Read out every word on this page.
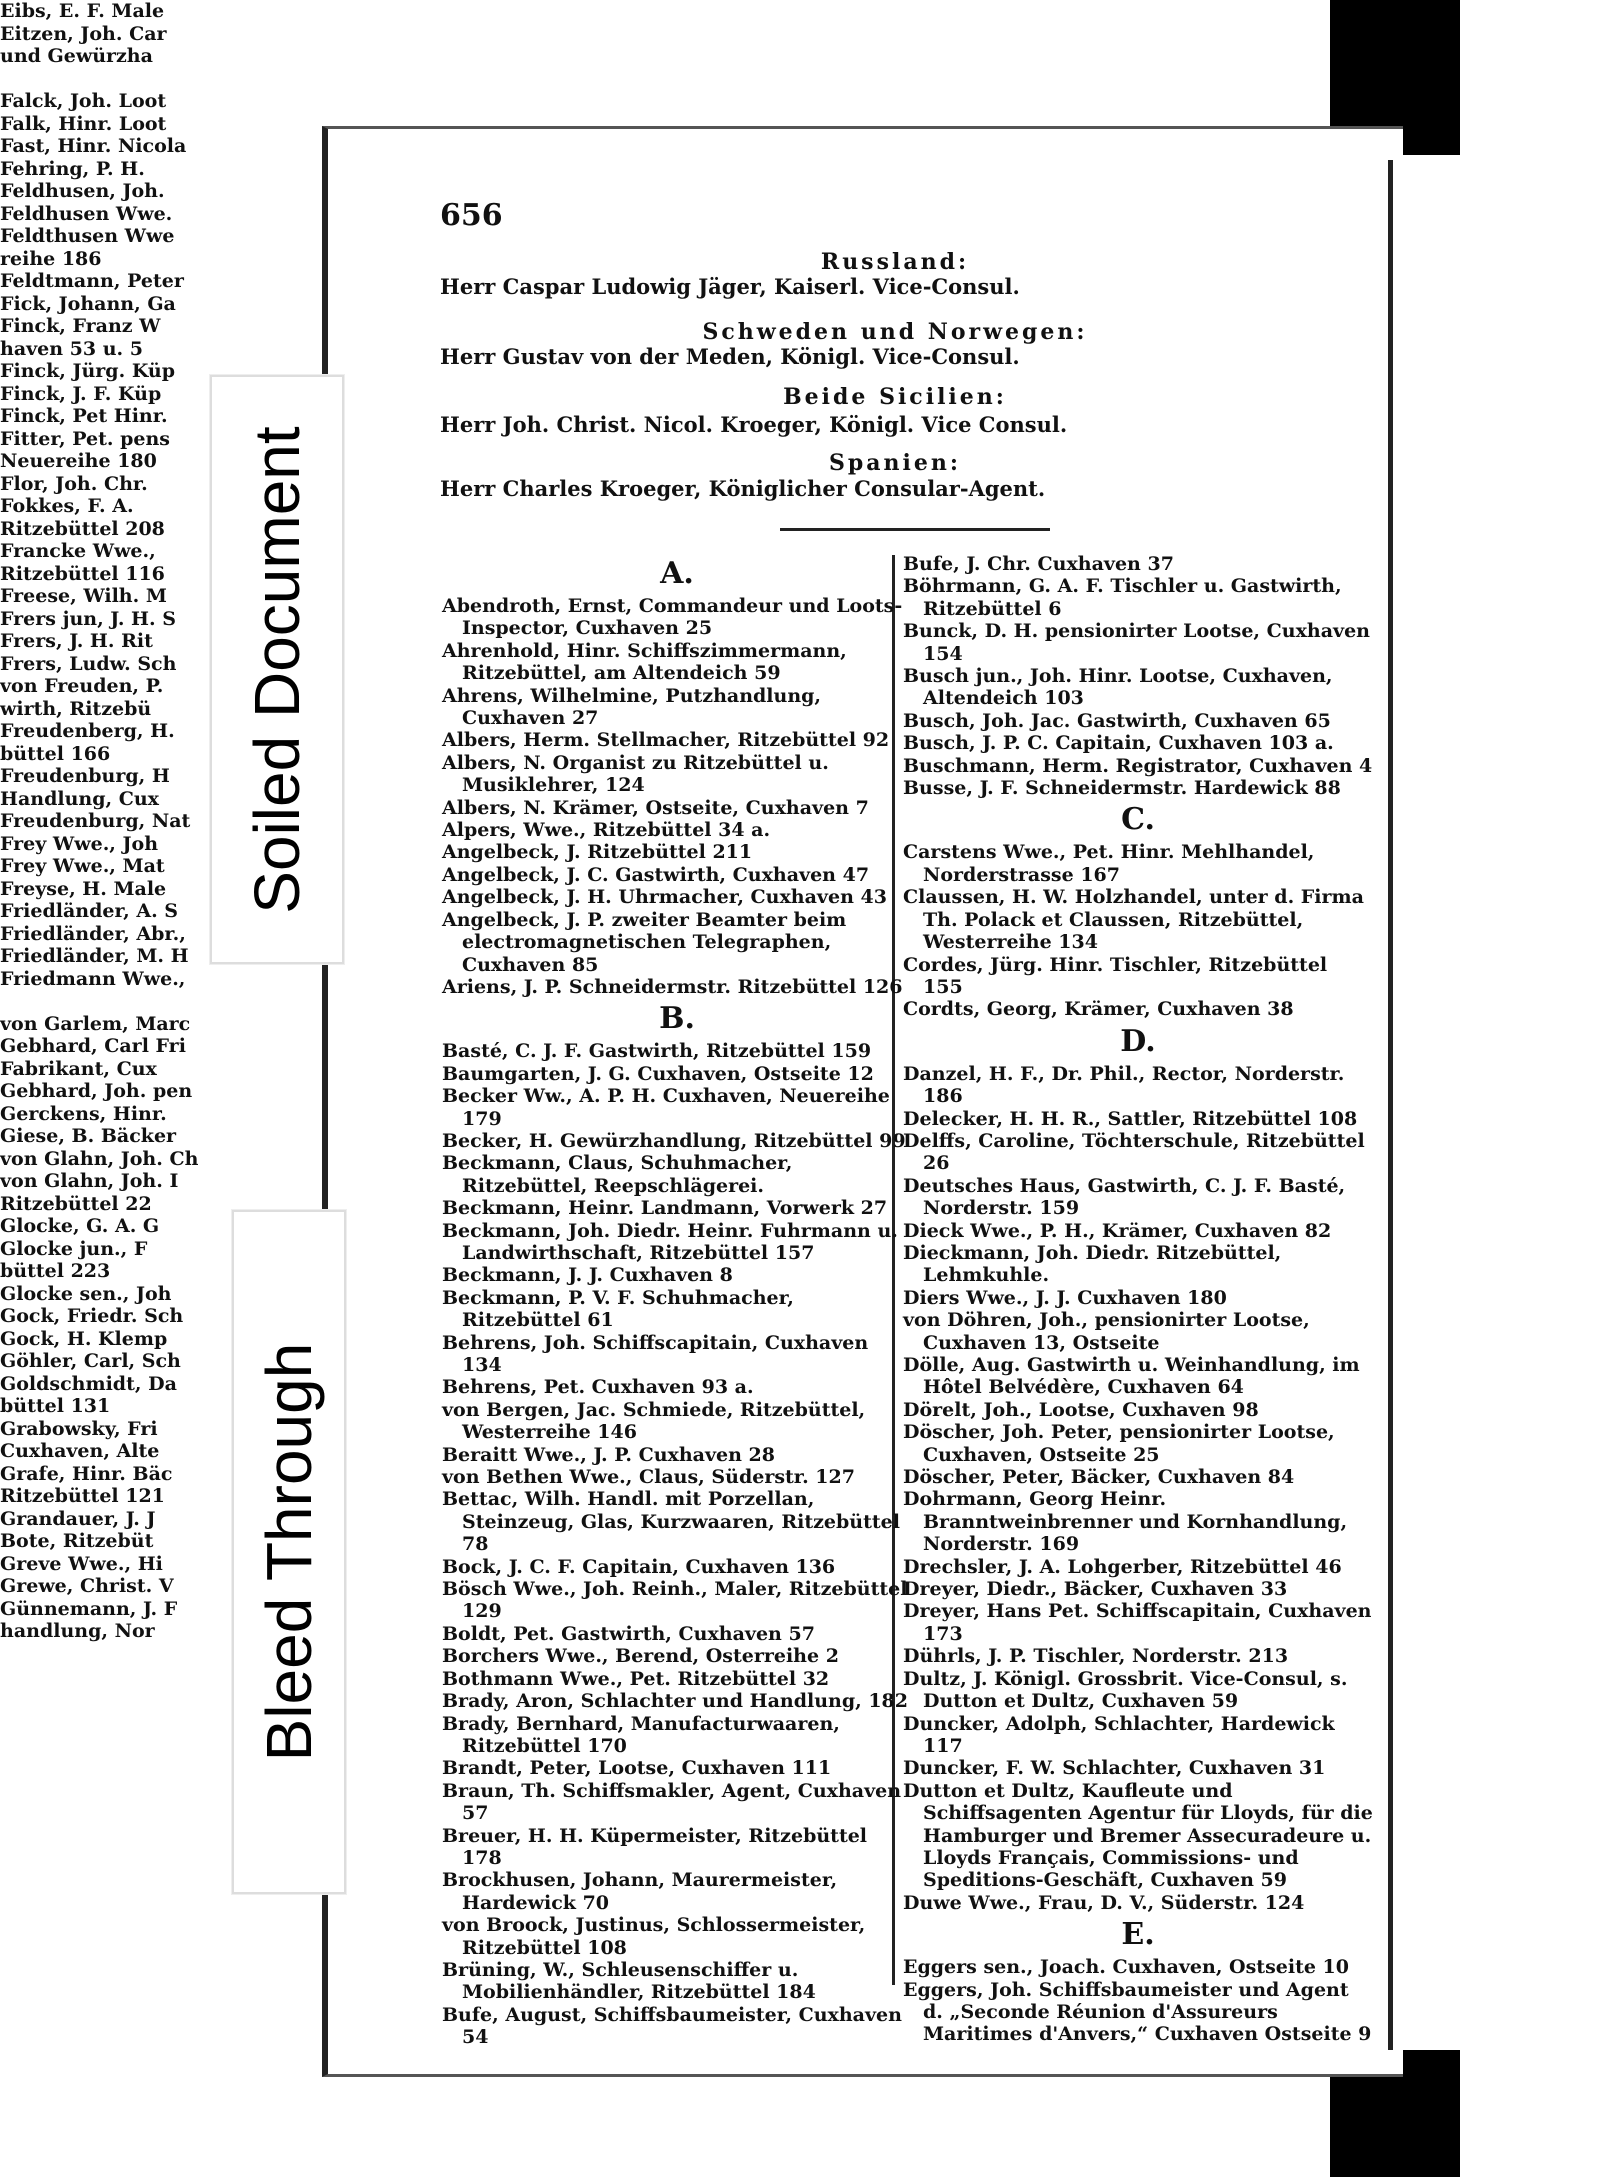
656
Russland:
Herr Caspar Ludowig Jäger, Kaiserl. Vice-Consul.
Schweden und Norwegen:
Herr Gustav von der Meden, Königl. Vice-Consul.
Beide Sicilien:
Herr Joh. Christ. Nicol. Kroeger, Königl. Vice Consul.
Spanien:
Herr Charles Kroeger, Königlicher Consular-Agent.
A.
Abendroth, Ernst, Commandeur und Loots-Inspector, Cuxhaven 25
Ahrenhold, Hinr. Schiffszimmermann, Ritzebüttel, am Altendeich 59
Ahrens, Wilhelmine, Putzhandlung, Cuxhaven 27
Albers, Herm. Stellmacher, Ritzebüttel 92
Albers, N. Organist zu Ritzebüttel u. Musiklehrer, 124
Albers, N. Krämer, Ostseite, Cuxhaven 7
Alpers, Wwe., Ritzebüttel 34 a.
Angelbeck, J. Ritzebüttel 211
Angelbeck, J. C. Gastwirth, Cuxhaven 47
Angelbeck, J. H. Uhrmacher, Cuxhaven 43
Angelbeck, J. P. zweiter Beamter beim electromagnetischen Telegraphen, Cuxhaven 85
Ariens, J. P. Schneidermstr. Ritzebüttel 126
B.
Basté, C. J. F. Gastwirth, Ritzebüttel 159
Baumgarten, J. G. Cuxhaven, Ostseite 12
Becker Ww., A. P. H. Cuxhaven, Neuereihe 179
Becker, H. Gewürzhandlung, Ritzebüttel 99
Beckmann, Claus, Schuhmacher, Ritzebüttel, Reepschlägerei.
Beckmann, Heinr. Landmann, Vorwerk 27
Beckmann, Joh. Diedr. Heinr. Fuhrmann u. Landwirthschaft, Ritzebüttel 157
Beckmann, J. J. Cuxhaven 8
Beckmann, P. V. F. Schuhmacher, Ritzebüttel 61
Behrens, Joh. Schiffscapitain, Cuxhaven 134
Behrens, Pet. Cuxhaven 93 a.
von Bergen, Jac. Schmiede, Ritzebüttel, Westerreihe 146
Beraitt Wwe., J. P. Cuxhaven 28
von Bethen Wwe., Claus, Süderstr. 127
Bettac, Wilh. Handl. mit Porzellan, Steinzeug, Glas, Kurzwaaren, Ritzebüttel 78
Bock, J. C. F. Capitain, Cuxhaven 136
Bösch Wwe., Joh. Reinh., Maler, Ritzebüttel 129
Boldt, Pet. Gastwirth, Cuxhaven 57
Borchers Wwe., Berend, Osterreihe 2
Bothmann Wwe., Pet. Ritzebüttel 32
Brady, Aron, Schlachter und Handlung, 182
Brady, Bernhard, Manufacturwaaren, Ritzebüttel 170
Brandt, Peter, Lootse, Cuxhaven 111
Braun, Th. Schiffsmakler, Agent, Cuxhaven 57
Breuer, H. H. Küpermeister, Ritzebüttel 178
Brockhusen, Johann, Maurermeister, Hardewick 70
von Broock, Justinus, Schlossermeister, Ritzebüttel 108
Brüning, W., Schleusenschiffer u. Mobilienhändler, Ritzebüttel 184
Bufe, August, Schiffsbaumeister, Cuxhaven 54
Bufe, J. Chr. Cuxhaven 37
Böhrmann, G. A. F. Tischler u. Gastwirth, Ritzebüttel 6
Bunck, D. H. pensionirter Lootse, Cuxhaven 154
Busch jun., Joh. Hinr. Lootse, Cuxhaven, Altendeich 103
Busch, Joh. Jac. Gastwirth, Cuxhaven 65
Busch, J. P. C. Capitain, Cuxhaven 103 a.
Buschmann, Herm. Registrator, Cuxhaven 4
Busse, J. F. Schneidermstr. Hardewick 88
C.
Carstens Wwe., Pet. Hinr. Mehlhandel, Norderstrasse 167
Claussen, H. W. Holzhandel, unter d. Firma Th. Polack et Claussen, Ritzebüttel, Westerreihe 134
Cordes, Jürg. Hinr. Tischler, Ritzebüttel 155
Cordts, Georg, Krämer, Cuxhaven 38
D.
Danzel, H. F., Dr. Phil., Rector, Norderstr. 186
Delecker, H. H. R., Sattler, Ritzebüttel 108
Delffs, Caroline, Töchterschule, Ritzebüttel 26
Deutsches Haus, Gastwirth, C. J. F. Basté, Norderstr. 159
Dieck Wwe., P. H., Krämer, Cuxhaven 82
Dieckmann, Joh. Diedr. Ritzebüttel, Lehmkuhle.
Diers Wwe., J. J. Cuxhaven 180
von Döhren, Joh., pensionirter Lootse, Cuxhaven 13, Ostseite
Dölle, Aug. Gastwirth u. Weinhandlung, im Hôtel Belvédère, Cuxhaven 64
Dörelt, Joh., Lootse, Cuxhaven 98
Döscher, Joh. Peter, pensionirter Lootse, Cuxhaven, Ostseite 25
Döscher, Peter, Bäcker, Cuxhaven 84
Dohrmann, Georg Heinr. Branntweinbrenner und Kornhandlung, Norderstr. 169
Drechsler, J. A. Lohgerber, Ritzebüttel 46
Dreyer, Diedr., Bäcker, Cuxhaven 33
Dreyer, Hans Pet. Schiffscapitain, Cuxhaven 173
Dührls, J. P. Tischler, Norderstr. 213
Dultz, J. Königl. Grossbrit. Vice-Consul, s. Dutton et Dultz, Cuxhaven 59
Duncker, Adolph, Schlachter, Hardewick 117
Duncker, F. W. Schlachter, Cuxhaven 31
Dutton et Dultz, Kaufleute und Schiffsagenten Agentur für Lloyds, für die Hamburger und Bremer Assecuradeure u. Lloyds Français, Commissions- und Speditions-Geschäft, Cuxhaven 59
Duwe Wwe., Frau, D. V., Süderstr. 124
E.
Eggers sen., Joach. Cuxhaven, Ostseite 10
Eggers, Joh. Schiffsbaumeister und Agent d. „Seconde Réunion d'Assureurs Maritimes d'Anvers,“ Cuxhaven Ostseite 9
Eibs, E. F. Male
Eitzen, Joh. Car
und Gewürzha

Falck, Joh. Loot
Falk, Hinr. Loot
Fast, Hinr. Nicola
Fehring, P. H.
Feldhusen, Joh.
Feldhusen Wwe.
Feldthusen Wwe
reihe 186
Feldtmann, Peter
Fick, Johann, Ga
Finck, Franz W
haven 53 u. 5
Finck, Jürg. Küp
Finck, J. F. Küp
Finck, Pet Hinr.
Fitter, Pet. pens
Neuereihe 180
Flor, Joh. Chr.
Fokkes, F. A.
Ritzebüttel 208
Francke Wwe.,
Ritzebüttel 116
Freese, Wilh. M
Frers jun, J. H. S
Frers, J. H. Rit
Frers, Ludw. Sch
von Freuden, P.
wirth, Ritzebü
Freudenberg, H.
büttel 166
Freudenburg, H
Handlung, Cux
Freudenburg, Nat
Frey Wwe., Joh
Frey Wwe., Mat
Freyse, H. Male
Friedländer, A. S
Friedländer, Abr.,
Friedländer, M. H
Friedmann Wwe.,

von Garlem, Marc
Gebhard, Carl Fri
Fabrikant, Cux
Gebhard, Joh. pen
Gerckens, Hinr.
Giese, B. Bäcker
von Glahn, Joh. Ch
von Glahn, Joh. I
Ritzebüttel 22
Glocke, G. A. G
Glocke jun., F
büttel 223
Glocke sen., Joh
Gock, Friedr. Sch
Gock, H. Klemp
Göhler, Carl, Sch
Goldschmidt, Da
büttel 131
Grabowsky, Fri
Cuxhaven, Alte
Grafe, Hinr. Bäc
Ritzebüttel 121
Grandauer, J. J
Bote, Ritzebüt
Greve Wwe., Hi
Grewe, Christ. V
Günnemann, J. F
handlung, Nor
Soiled Document
Bleed Through
